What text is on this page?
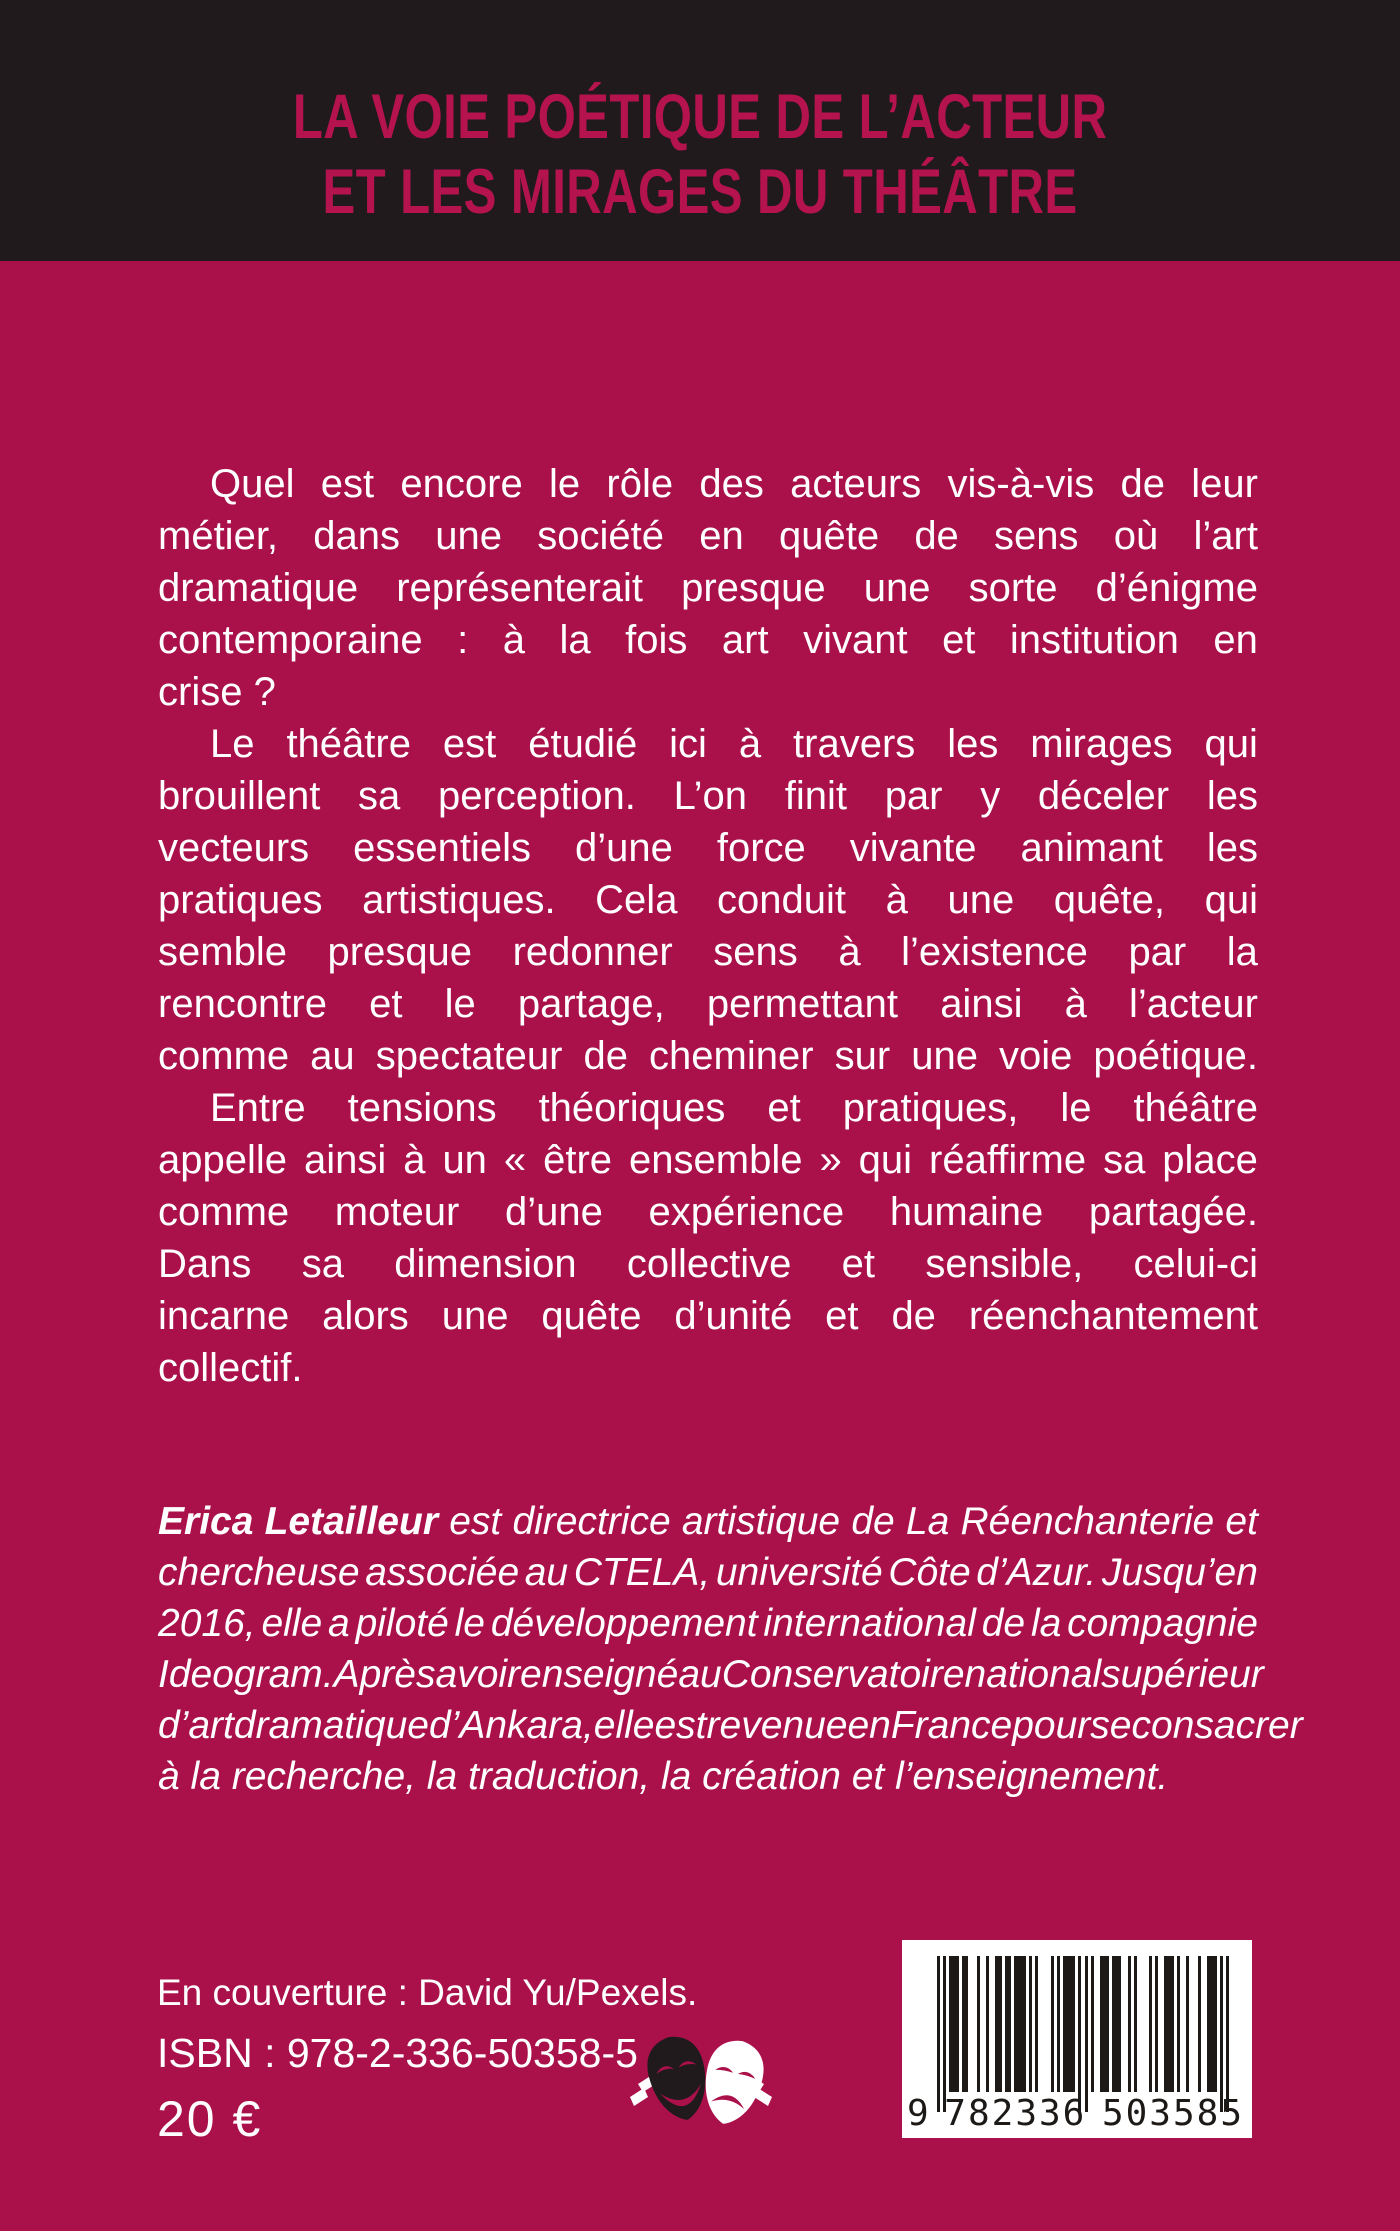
LA VOIE POÉTIQUE DE L’ACTEUR
ET LES MIRAGES DU THÉÂTRE
Quel est encore le rôle des acteurs vis-à-vis de leur
métier, dans une société en quête de sens où l’art
dramatique représenterait presque une sorte d’énigme
contemporaine : à la fois art vivant et institution en
crise ?
Le théâtre est étudié ici à travers les mirages qui
brouillent sa perception. L’on finit par y déceler les
vecteurs essentiels d’une force vivante animant les
pratiques artistiques. Cela conduit à une quête, qui
semble presque redonner sens à l’existence par la
rencontre et le partage, permettant ainsi à l’acteur
comme au spectateur de cheminer sur une voie poétique.
Entre tensions théoriques et pratiques, le théâtre
appelle ainsi à un « être ensemble » qui réaffirme sa place
comme moteur d’une expérience humaine partagée.
Dans sa dimension collective et sensible, celui-ci
incarne alors une quête d’unité et de réenchantement
collectif.
Erica Letailleur est directrice artistique de La Réenchanterie et
chercheuse associée au CTELA, université Côte d’Azur. Jusqu’en
2016, elle a piloté le développement international de la compagnie
Ideogram. Après avoir enseigné au Conservatoire national supérieur
d’art dramatique d’Ankara, elle est revenue en France pour se consacrer
à la recherche, la traduction, la création et l’enseignement.
En couverture : David Yu/Pexels.
ISBN : 978-2-336-50358-5
20 €	9 782336 503585
